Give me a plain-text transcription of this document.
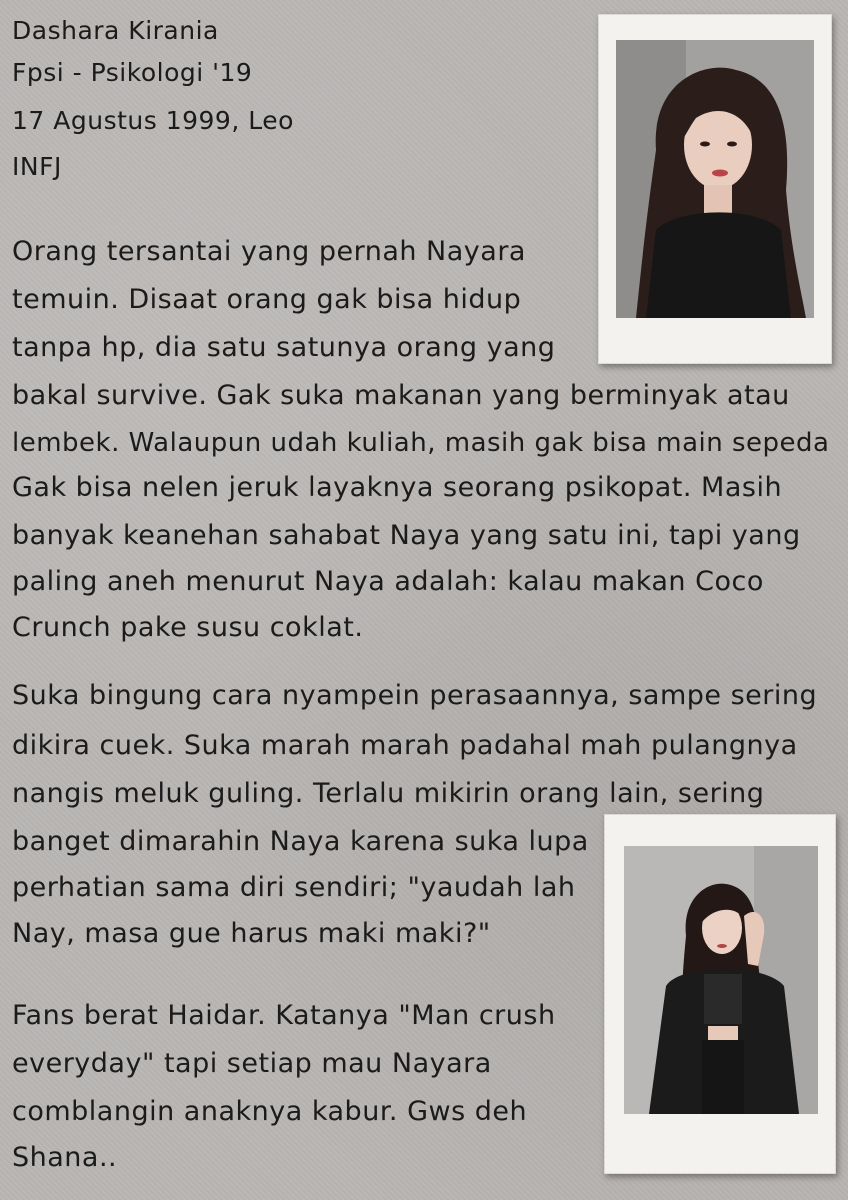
Dashara Kirania
Fpsi - Psikologi '19
17 Agustus 1999, Leo
INFJ
Orang tersantai yang pernah Nayara
temuin. Disaat orang gak bisa hidup
tanpa hp, dia satu satunya orang yang
bakal survive. Gak suka makanan yang berminyak atau
lembek. Walaupun udah kuliah, masih gak bisa main sepeda
Gak bisa nelen jeruk layaknya seorang psikopat. Masih
banyak keanehan sahabat Naya yang satu ini, tapi yang
paling aneh menurut Naya adalah: kalau makan Coco
Crunch pake susu coklat.
Suka bingung cara nyampein perasaannya, sampe sering
dikira cuek. Suka marah marah padahal mah pulangnya
nangis meluk guling. Terlalu mikirin orang lain, sering
banget dimarahin Naya karena suka lupa
perhatian sama diri sendiri; "yaudah lah
Nay, masa gue harus maki maki?"
Fans berat Haidar. Katanya "Man crush
everyday" tapi setiap mau Nayara
comblangin anaknya kabur. Gws deh
Shana..
